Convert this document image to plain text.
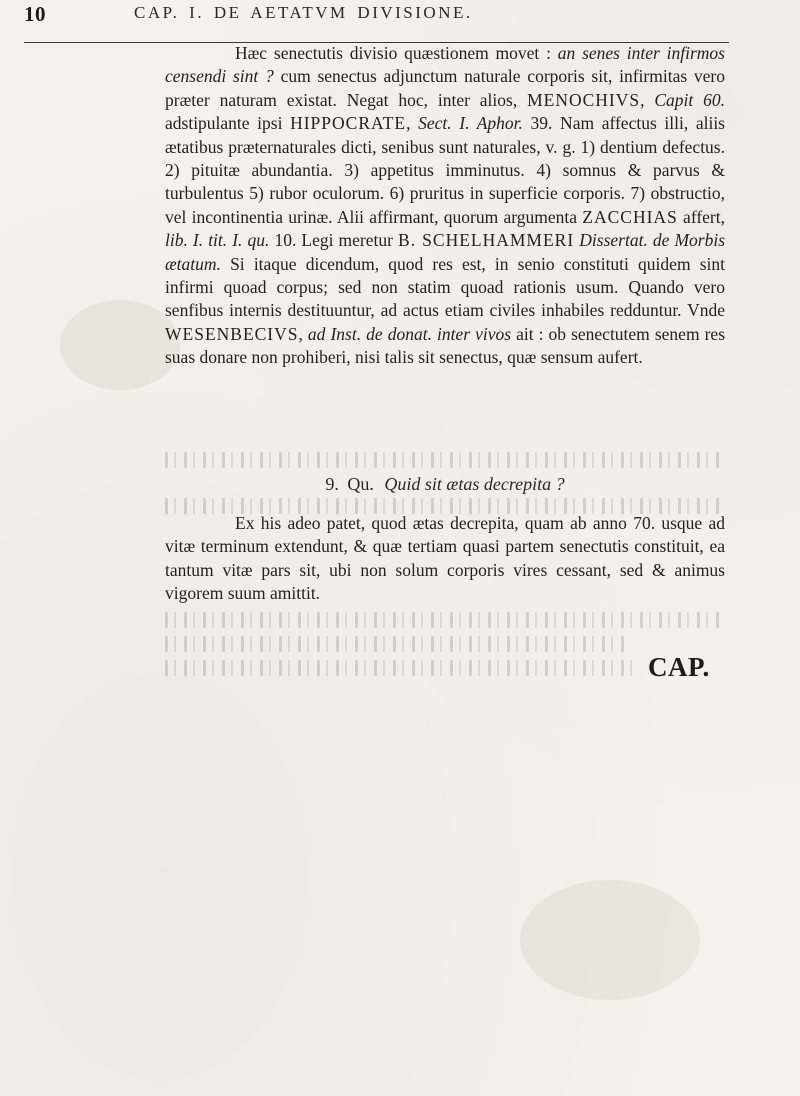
10	CAP. I. DE AETATVM DIVISIONE.

Hæc senectutis divisio quæstionem movet : an senes inter infirmos censendi sint ? cum senectus adjunctum naturale corporis sit, infirmitas vero præter naturam existat. Negat hoc, inter alios, MENOCHIVS, Capit 60. adstipulante ipsi HIPPOCRATE, Sect. I. Aphor. 39. Nam affectus illi, aliis ætatibus præternaturales dicti, senibus sunt naturales, v. g. 1) dentium defectus. 2) pituitæ abundantia. 3) appetitus imminutus. 4) somnus & parvus & turbulentus 5) rubor oculorum. 6) pruritus in superficie corporis. 7) obstructio, vel incontinentia urinæ. Alii affirmant, quorum argumenta ZACCHIAS affert, lib. I. tit. I. qu. 10. Legi meretur B. SCHELHAMMERI Dissertat. de Morbis ætatum. Si itaque dicendum, quod res est, in senio constituti quidem sint infirmi quoad corpus; sed non statim quoad rationis usum. Quando vero senfibus internis destituuntur, ad actus etiam civiles inhabiles redduntur. Vnde WESENBECIVS, ad Inst. de donat. inter vivos ait : ob senectutem senem res suas donare non prohiberi, nisi talis sit senectus, quæ sensum aufert.

9. Qu. Quid sit ætas decrepita ?

Ex his adeo patet, quod ætas decrepita, quam ab anno 70. usque ad vitæ terminum extendunt, & quæ tertiam quasi partem senectutis constituit, ea tantum vitæ pars sit, ubi non solum corporis vires cessant, sed & animus vigorem suum amittit.

CAP.
